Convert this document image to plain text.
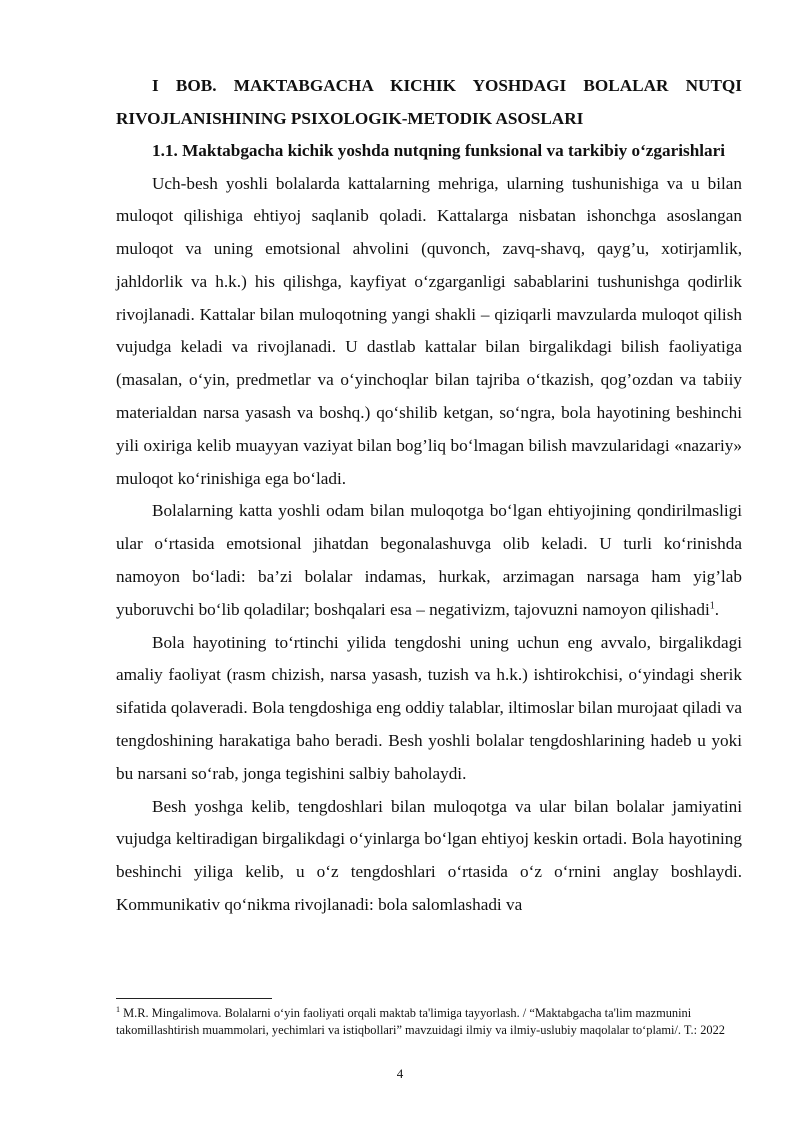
I BOB. MAKTABGACHA KICHIK YOSHDAGI BOLALAR NUTQI RIVOJLANISHINING PSIXOLOGIK-METODIK ASOSLARI

1.1. Maktabgacha kichik yoshda nutqning funksional va tarkibiy o‘zgarishlari

Uch-besh yoshli bolalarda kattalarning mehriga, ularning tushunishiga va u bilan muloqot qilishiga ehtiyoj saqlanib qoladi. Kattalarga nisbatan ishonchga asoslangan muloqot va uning emotsional ahvolini (quvonch, zavq-shavq, qayg’u, xotirjamlik, jahldorlik va h.k.) his qilishga, kayfiyat o‘zgarganligi sabablarini tushunishga qodirlik rivojlanadi. Kattalar bilan muloqotning yangi shakli – qiziqarli mavzularda muloqot qilish vujudga keladi va rivojlanadi. U dastlab kattalar bilan birgalikdagi bilish faoliyatiga (masalan, o‘yin, predmetlar va o‘yinchoqlar bilan tajriba o‘tkazish, qog’ozdan va tabiiy materialdan narsa yasash va boshq.) qo‘shilib ketgan, so‘ngra, bola hayotining beshinchi yili oxiriga kelib muayyan vaziyat bilan bog’liq bo‘lmagan bilish mavzularidagi «nazariy» muloqot ko‘rinishiga ega bo‘ladi.

Bolalarning katta yoshli odam bilan muloqotga bo‘lgan ehtiyojining qondirilmasligi ular o‘rtasida emotsional jihatdan begonalashuvga olib keladi. U turli ko‘rinishda namoyon bo‘ladi: ba’zi bolalar indamas, hurkak, arzimagan narsaga ham yig’lab yuboruvchi bo‘lib qoladilar; boshqalari esa – negativizm, tajovuzni namoyon qilishadi$^1$.

Bola hayotining to‘rtinchi yilida tengdoshi uning uchun eng avvalo, birgalikdagi amaliy faoliyat (rasm chizish, narsa yasash, tuzish va h.k.) ishtirokchisi, o‘yindagi sherik sifatida qolaveradi. Bola tengdoshiga eng oddiy talablar, iltimoslar bilan murojaat qiladi va tengdoshining harakatiga baho beradi. Besh yoshli bolalar tengdoshlarining hadeb u yoki bu narsani so‘rab, jonga tegishini salbiy baholaydi.

Besh yoshga kelib, tengdoshlari bilan muloqotga va ular bilan bolalar jamiyatini vujudga keltiradigan birgalikdagi o‘yinlarga bo‘lgan ehtiyoj keskin ortadi. Bola hayotining beshinchi yiliga kelib, u o‘z tengdoshlari o‘rtasida o‘z o‘rnini anglay boshlaydi. Kommunikativ qo‘nikma rivojlanadi: bola salomlashadi va

$^1$ M.R. Mingalimova. Bolalarni o‘yin faoliyati orqali maktab ta'limiga tayyorlash. / “Maktabgacha ta'lim mazmunini takomillashtirish muammolari, yechimlari va istiqbollari” mavzuidagi ilmiy va ilmiy-uslubiy maqolalar to‘plami/. T.: 2022

4
